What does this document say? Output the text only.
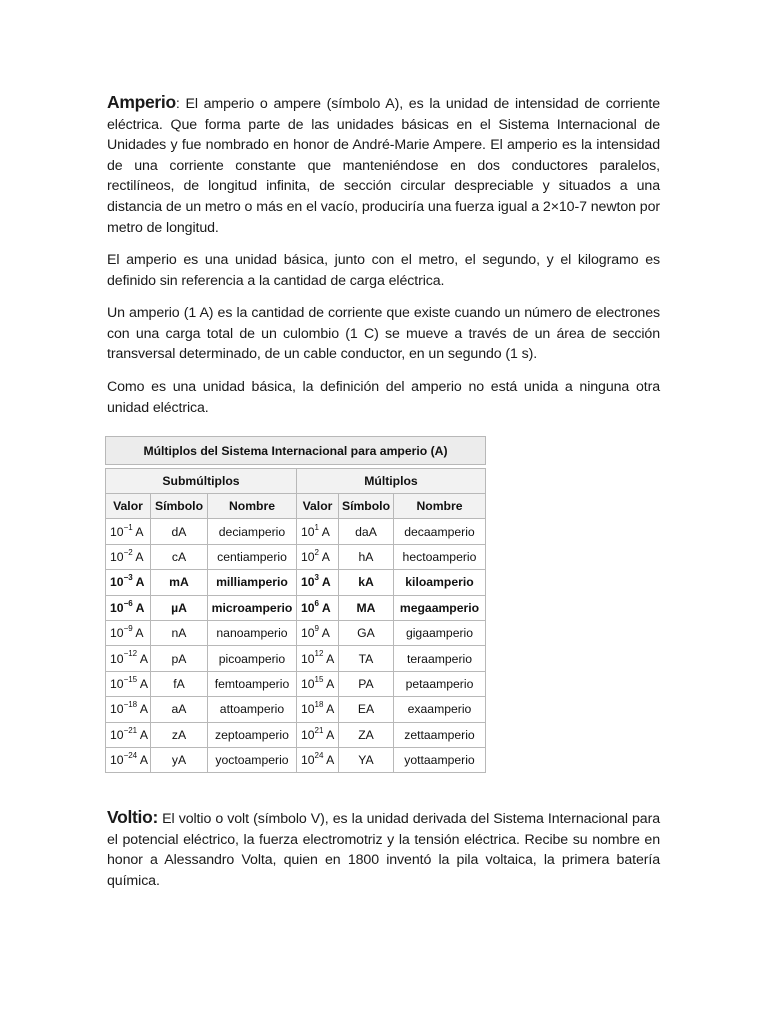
Amperio: El amperio o ampere (símbolo A), es la unidad de intensidad de corriente eléctrica. Que forma parte de las unidades básicas en el Sistema Internacional de Unidades y fue nombrado en honor de André-Marie Ampere. El amperio es la intensidad de una corriente constante que manteniéndose en dos conductores paralelos, rectilíneos, de longitud infinita, de sección circular despreciable y situados a una distancia de un metro o más en el vacío, produciría una fuerza igual a 2×10-7 newton por metro de longitud.

El amperio es una unidad básica, junto con el metro, el segundo, y el kilogramo es definido sin referencia a la cantidad de carga eléctrica.

Un amperio (1 A) es la cantidad de corriente que existe cuando un número de electrones con una carga total de un culombio (1 C) se mueve a través de un área de sección transversal determinado, de un cable conductor, en un segundo (1 s).

Como es una unidad básica, la definición del amperio no está unida a ninguna otra unidad eléctrica.

Múltiplos del Sistema Internacional para amperio (A)					

Submúltiplos			Múltiplos		
Valor	Símbolo	Nombre	Valor	Símbolo	Nombre
$10^{-1}$ A	dA	deciamperio	$10^1$ A	daA	decaamperio
$10^{-2}$ A	cA	centiamperio	$10^2$ A	hA	hectoamperio
$10^{-3}$ A	mA	milliamperio	$10^3$ A	kA	kiloamperio
$10^{-6}$ A	µA	microamperio	$10^6$ A	MA	megaamperio
$10^{-9}$ A	nA	nanoamperio	$10^9$ A	GA	gigaamperio
$10^{-12}$ A	pA	picoamperio	$10^{12}$ A	TA	teraamperio
$10^{-15}$ A	fA	femtoamperio	$10^{15}$ A	PA	petaamperio
$10^{-18}$ A	aA	attoamperio	$10^{18}$ A	EA	exaamperio
$10^{-21}$ A	zA	zeptoamperio	$10^{21}$ A	ZA	zettaamperio
$10^{-24}$ A	yA	yoctoamperio	$10^{24}$ A	YA	yottaamperio

Voltio: El voltio o volt (símbolo V), es la unidad derivada del Sistema Internacional para el potencial eléctrico, la fuerza electromotriz y la tensión eléctrica. Recibe su nombre en honor a Alessandro Volta, quien en 1800 inventó la pila voltaica, la primera batería química.
